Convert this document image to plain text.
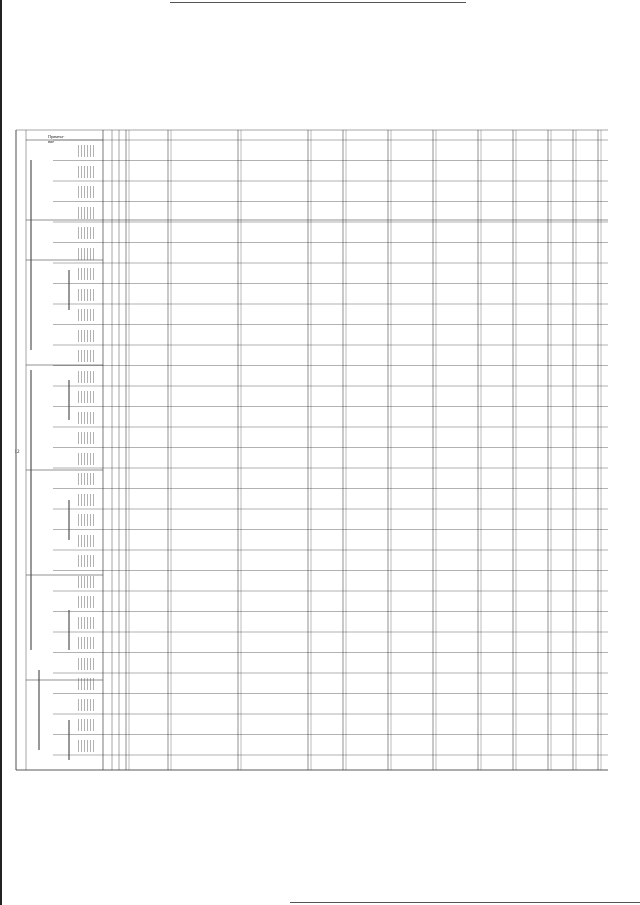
12
Примеча-
ние
